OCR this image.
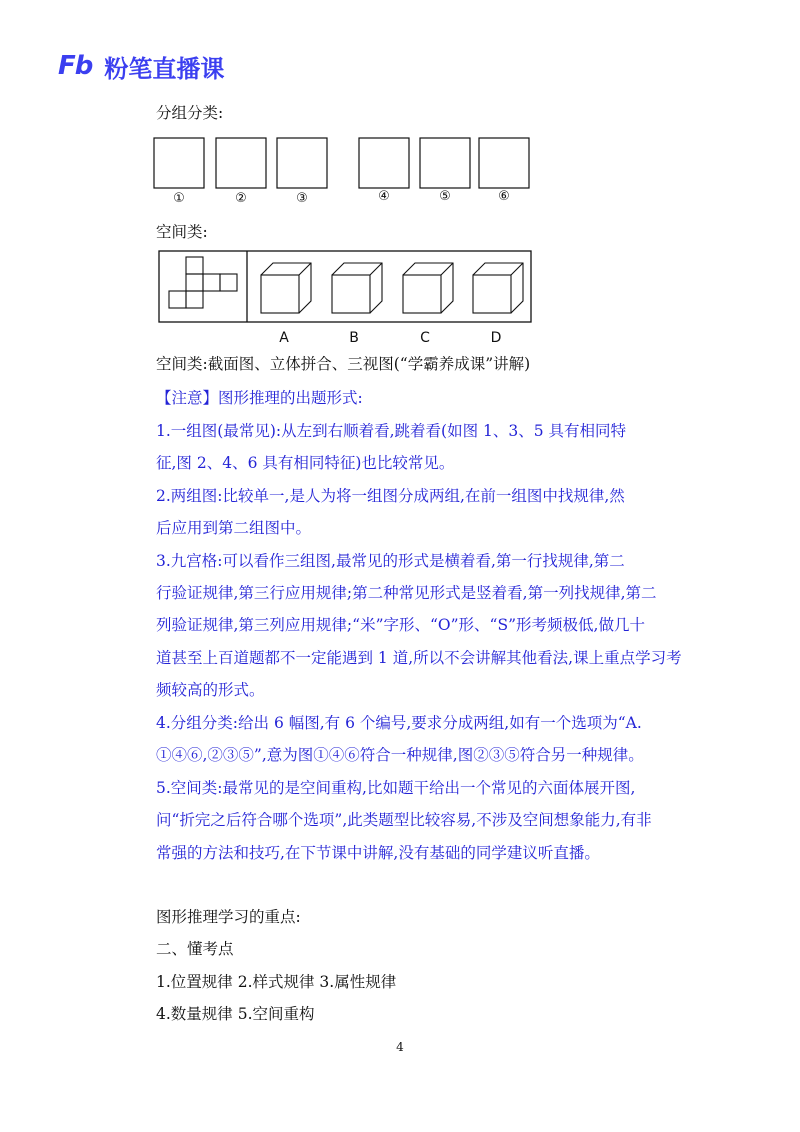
Fb 粉笔直播课
分组分类:
①	②	③	④	⑤	⑥
空间类:
A	B	C	D
空间类:截面图、立体拼合、三视图(“学霸养成课”讲解)
【注意】图形推理的出题形式:
1.一组图(最常见):从左到右顺着看,跳着看(如图 1、3、5 具有相同特
征,图 2、4、6 具有相同特征)也比较常见。
2.两组图:比较单一,是人为将一组图分成两组,在前一组图中找规律,然
后应用到第二组图中。
3.九宫格:可以看作三组图,最常见的形式是横着看,第一行找规律,第二
行验证规律,第三行应用规律;第二种常见形式是竖着看,第一列找规律,第二
列验证规律,第三列应用规律;“米”字形、“O”形、“S”形考频极低,做几十
道甚至上百道题都不一定能遇到 1 道,所以不会讲解其他看法,课上重点学习考
频较高的形式。
4.分组分类:给出 6 幅图,有 6 个编号,要求分成两组,如有一个选项为“A.
①④⑥,②③⑤”,意为图①④⑥符合一种规律,图②③⑤符合另一种规律。
5.空间类:最常见的是空间重构,比如题干给出一个常见的六面体展开图,
问“折完之后符合哪个选项”,此类题型比较容易,不涉及空间想象能力,有非
常强的方法和技巧,在下节课中讲解,没有基础的同学建议听直播。
图形推理学习的重点:
二、懂考点
1.位置规律 2.样式规律 3.属性规律
4.数量规律 5.空间重构
4
